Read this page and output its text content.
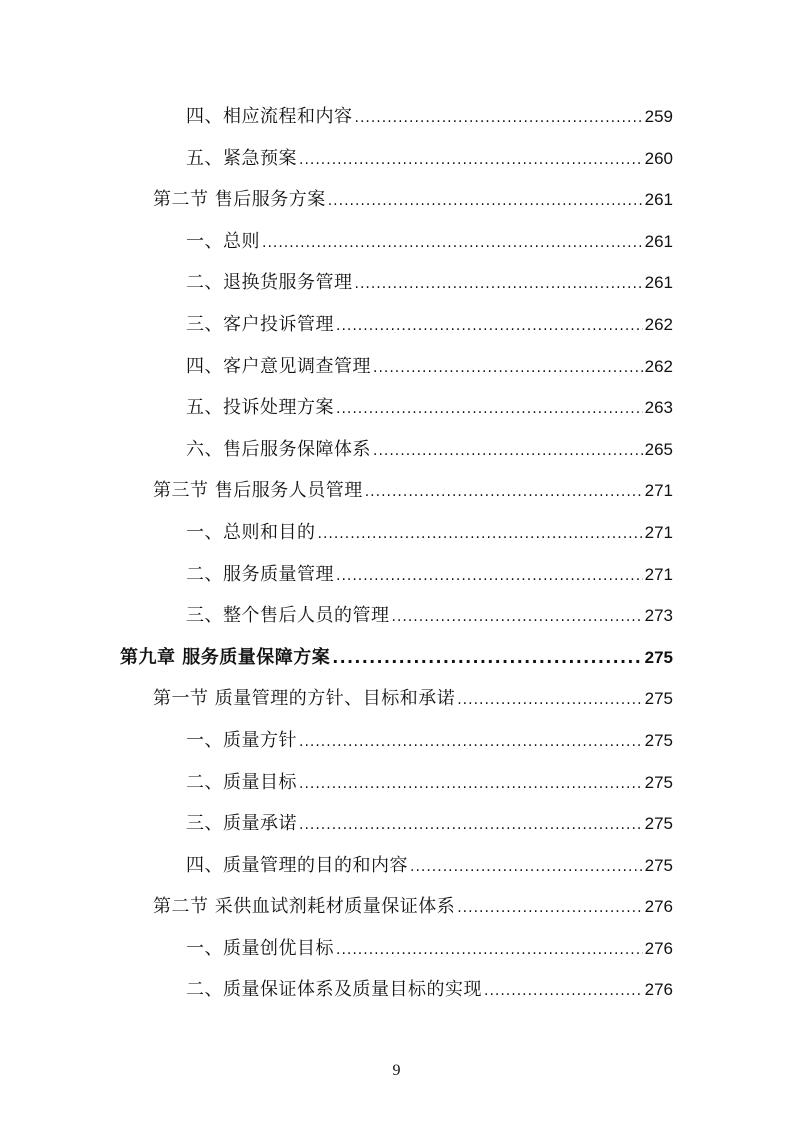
四、相应流程和内容 .....	259
五、紧急预案 .....	260
第二节 售后服务方案 .....	261
一、总则 .....	261
二、退换货服务管理 .....	261
三、客户投诉管理 .....	262
四、客户意见调查管理 .....	262
五、投诉处理方案 .....	263
六、售后服务保障体系 .....	265
第三节 售后服务人员管理 .....	271
一、总则和目的 .....	271
二、服务质量管理 .....	271
三、整个售后人员的管理 .....	273
第九章 服务质量保障方案 .....	275
第一节 质量管理的方针、目标和承诺 .....	275
一、质量方针 .....	275
二、质量目标 .....	275
三、质量承诺 .....	275
四、质量管理的目的和内容 .....	275
第二节 采供血试剂耗材质量保证体系 .....	276
一、质量创优目标 .....	276
二、质量保证体系及质量目标的实现 .....	276
9
